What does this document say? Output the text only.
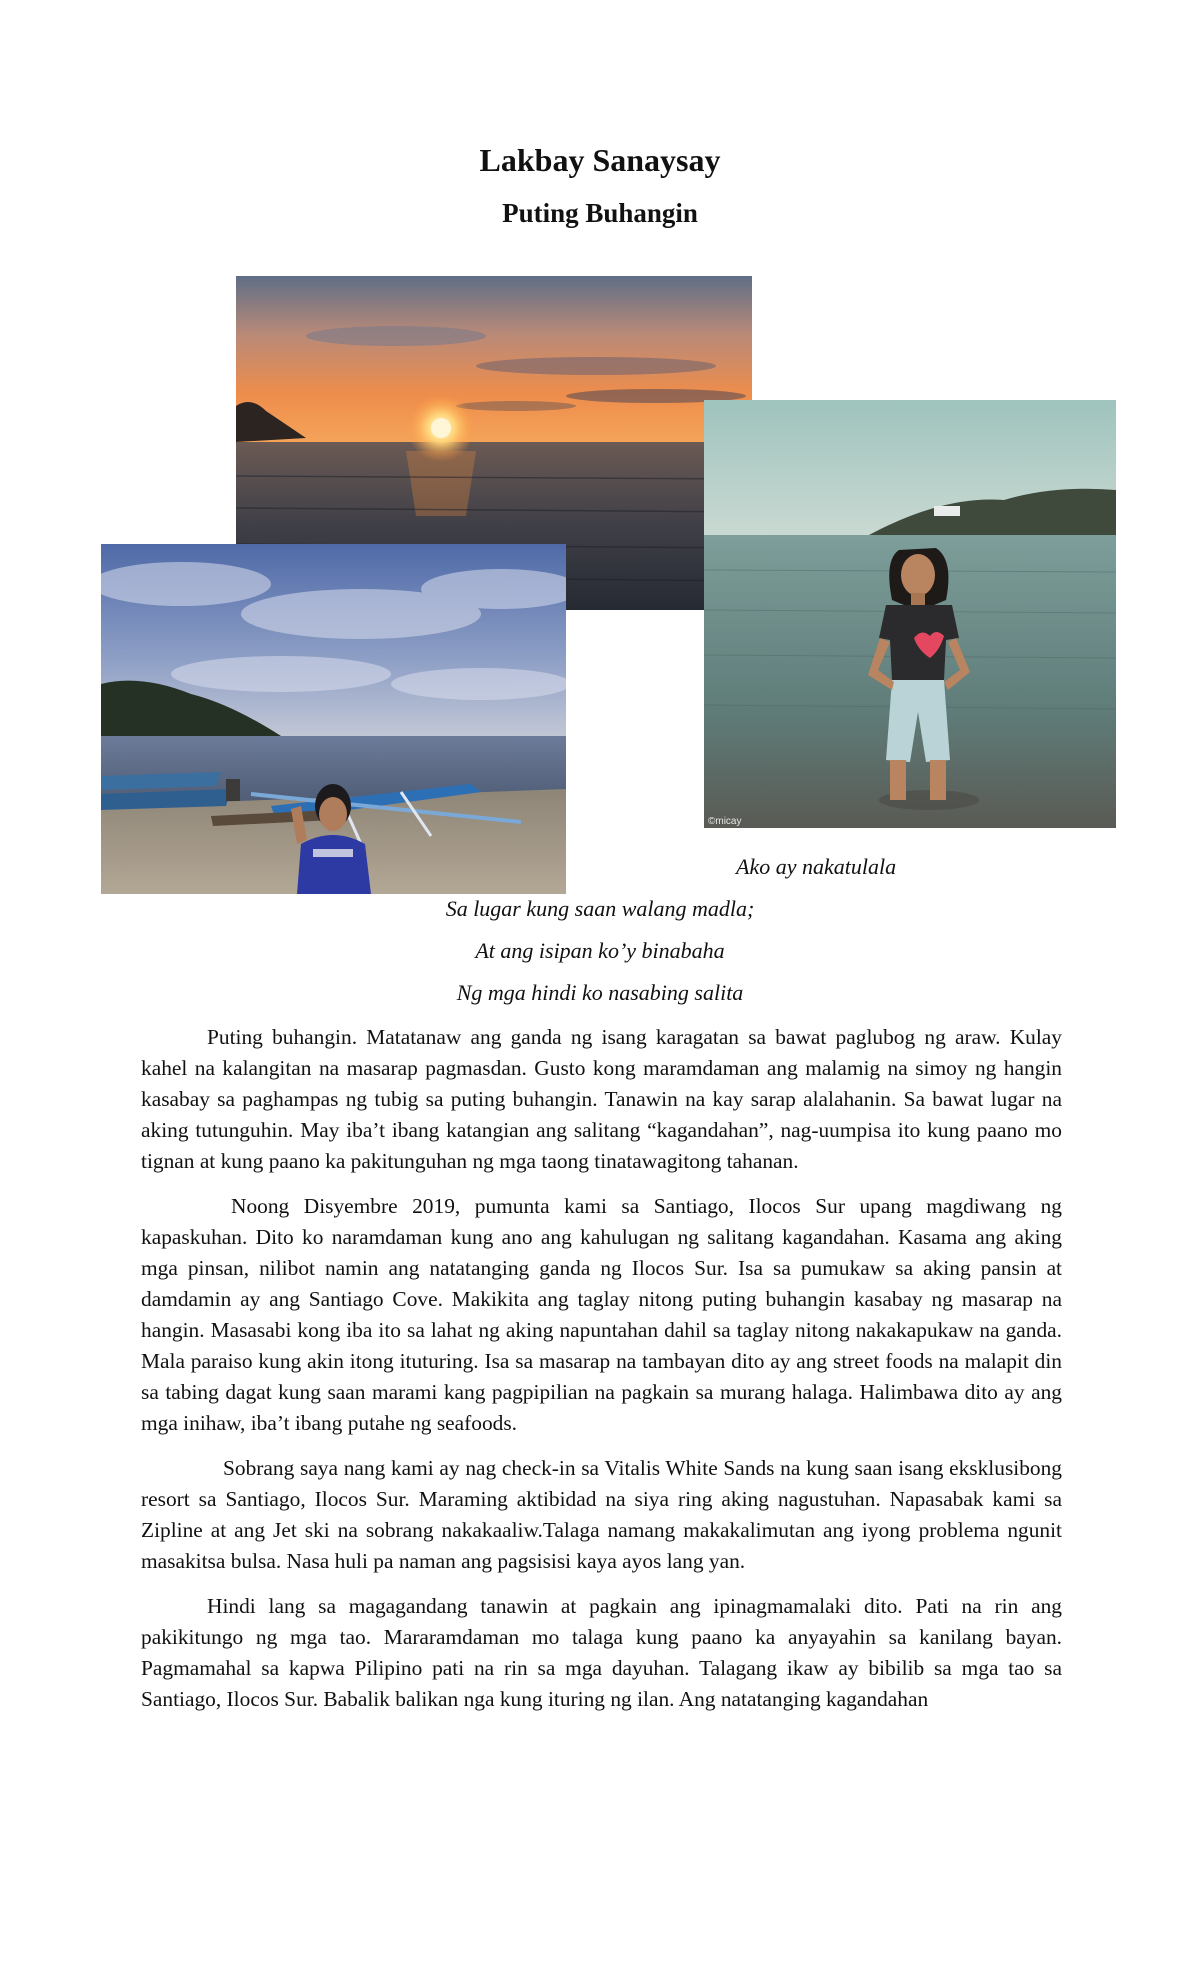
Lakbay Sanaysay
Puting Buhangin
©micay

Ako ay nakatulala

Sa lugar kung saan walang madla;

At ang isipan ko’y binabaha

Ng mga hindi ko nasabing salita

Puting buhangin. Matatanaw ang ganda ng isang karagatan sa bawat paglubog ng araw. Kulay kahel na kalangitan na masarap pagmasdan. Gusto kong maramdaman ang malamig na simoy ng hangin kasabay sa paghampas ng tubig sa puting buhangin. Tanawin na kay sarap alalahanin. Sa bawat lugar na aking tutunguhin. May iba’t ibang katangian ang salitang “kagandahan”, nag-uumpisa ito kung paano mo tignan at kung paano ka pakitunguhan ng mga taong tinatawagitong tahanan.

Noong Disyembre 2019, pumunta kami sa Santiago, Ilocos Sur upang magdiwang ng kapaskuhan. Dito ko naramdaman kung ano ang kahulugan ng salitang kagandahan. Kasama ang aking mga pinsan, nilibot namin ang natatanging ganda ng Ilocos Sur. Isa sa pumukaw sa aking pansin at damdamin ay ang Santiago Cove. Makikita ang taglay nitong puting buhangin kasabay ng masarap na hangin. Masasabi kong iba ito sa lahat ng aking napuntahan dahil sa taglay nitong nakakapukaw na ganda. Mala paraiso kung akin itong ituturing. Isa sa masarap na tambayan dito ay ang street foods na malapit din sa tabing dagat kung saan marami kang pagpipilian na pagkain sa murang halaga. Halimbawa dito ay ang mga inihaw, iba’t ibang putahe ng seafoods.

Sobrang saya nang kami ay nag check-in sa Vitalis White Sands na kung saan isang eksklusibong resort sa Santiago, Ilocos Sur. Maraming aktibidad na siya ring aking nagustuhan. Napasabak kami sa Zipline at ang Jet ski na sobrang nakakaaliw.Talaga namang makakalimutan ang iyong problema ngunit masakitsa bulsa. Nasa huli pa naman ang pagsisisi kaya ayos lang yan.

Hindi lang sa magagandang tanawin at pagkain ang ipinagmamalaki dito. Pati na rin ang pakikitungo ng mga tao. Mararamdaman mo talaga kung paano ka anyayahin sa kanilang bayan. Pagmamahal sa kapwa Pilipino pati na rin sa mga dayuhan. Talagang ikaw ay bibilib sa mga tao sa Santiago, Ilocos Sur. Babalik balikan nga kung ituring ng ilan. Ang natatanging kagandahan
